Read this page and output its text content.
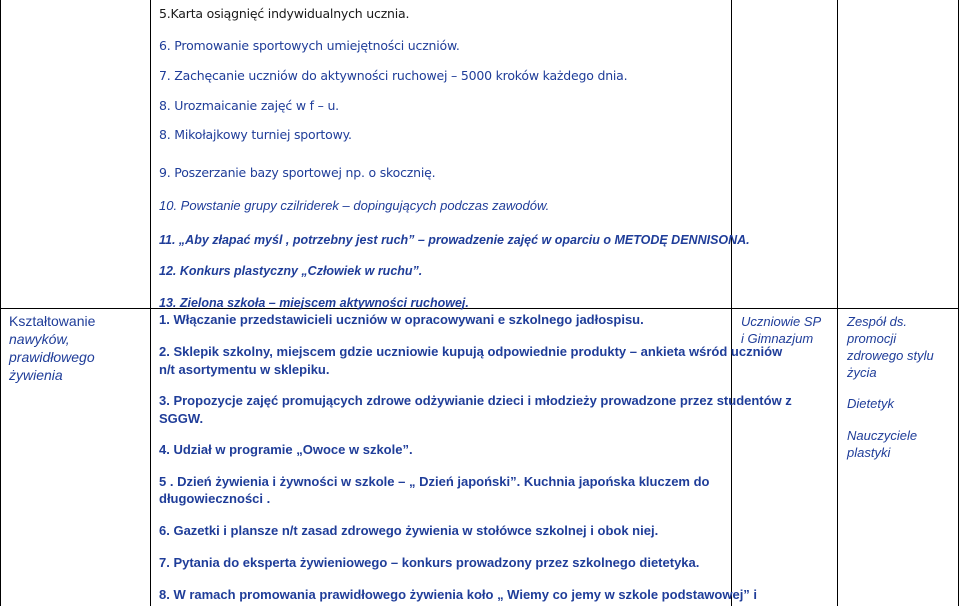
5.Karta osiągnięć indywidualnych ucznia.
6. Promowanie sportowych umiejętności uczniów.
7. Zachęcanie uczniów do aktywności ruchowej – 5000 kroków każdego dnia.
8. Urozmaicanie zajęć w f – u.
8. Mikołajkowy turniej sportowy.
9. Poszerzanie bazy sportowej np. o skocznię.
10. Powstanie grupy czilriderek – dopingujących podczas zawodów.
11. „Aby złapać myśl , potrzebny jest ruch” – prowadzenie zajęć w oparciu o METODĘ DENNISONA.
12. Konkurs plastyczny „Człowiek w ruchu”.
13. Zielona szkoła – miejscem aktywności ruchowej.
Kształtowanie
nawyków,
prawidłowego
żywienia
1. Włączanie przedstawicieli uczniów w opracowywani e szkolnego jadłospisu.
2. Sklepik szkolny, miejscem gdzie uczniowie kupują odpowiednie produkty – ankieta wśród uczniów
n/t asortymentu w sklepiku.
3. Propozycje zajęć promujących zdrowe odżywianie dzieci i młodzieży prowadzone przez studentów z
SGGW.
4. Udział w programie „Owoce w szkole”.
5 . Dzień żywienia i żywności w szkole – „ Dzień japoński”. Kuchnia japońska kluczem do
długowieczności .
6. Gazetki i plansze n/t zasad zdrowego żywienia w stołówce szkolnej i obok niej.
7. Pytania do eksperta żywieniowego – konkurs prowadzony przez szkolnego dietetyka.
8. W ramach promowania prawidłowego żywienia koło „ Wiemy co jemy w szkole podstawowej” i
Uczniowie SP
i Gimnazjum
Zespół ds.
promocji
zdrowego stylu
życia
Dietetyk
Nauczyciele
plastyki
